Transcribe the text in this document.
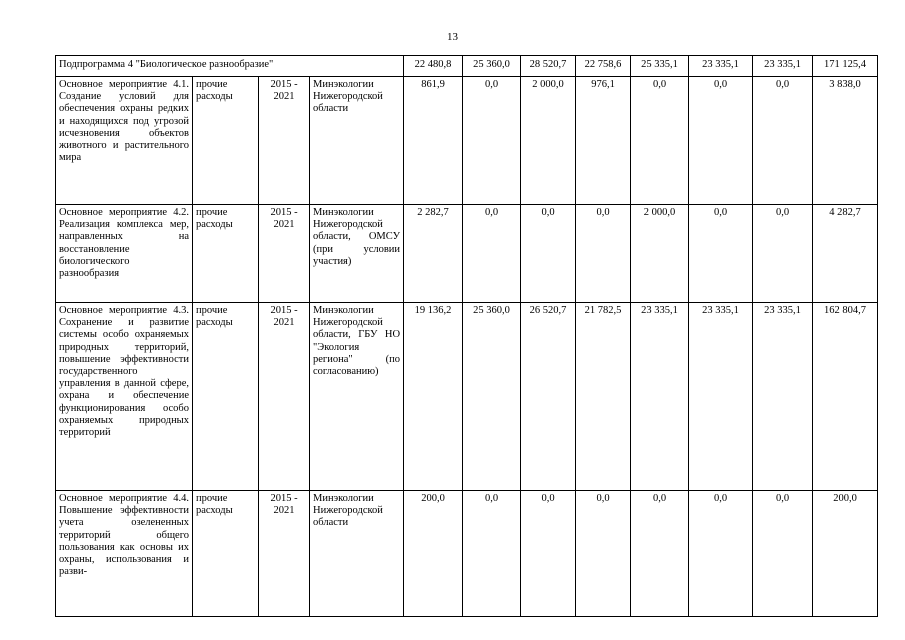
13
Подпрограмма 4 "Биологическое разнообразие"				22 480,8	25 360,0	28 520,7	22 758,6	25 335,1	23 335,1	23 335,1	171 125,4
Основное мероприятие 4.1. Создание условий для обеспечения охраны редких и находящихся под угрозой исчезновения объектов животного и растительного мира	прочие расходы	2015 - 2021	Минэкологии Нижегородской области	861,9	0,0	2 000,0	976,1	0,0	0,0	0,0	3 838,0
Основное мероприятие 4.2. Реализация комплекса мер, направленных на восстановление биологического разнообразия	прочие расходы	2015 - 2021	Минэкологии Нижегородской области, ОМСУ (при условии участия)	2 282,7	0,0	0,0	0,0	2 000,0	0,0	0,0	4 282,7
Основное мероприятие 4.3. Сохранение и развитие системы особо охраняемых природных территорий, повышение эффективности государственного управления в данной сфере, охрана и обеспечение функционирования особо охраняемых природных территорий	прочие расходы	2015 - 2021	Минэкологии Нижегородской области, ГБУ НО "Экология региона" (по согласованию)	19 136,2	25 360,0	26 520,7	21 782,5	23 335,1	23 335,1	23 335,1	162 804,7
Основное мероприятие 4.4. Повышение эффективности учета озелененных территорий общего пользования как основы их охраны, использования и разви-	прочие расходы	2015 - 2021	Минэкологии Нижегородской области	200,0	0,0	0,0	0,0	0,0	0,0	0,0	200,0
